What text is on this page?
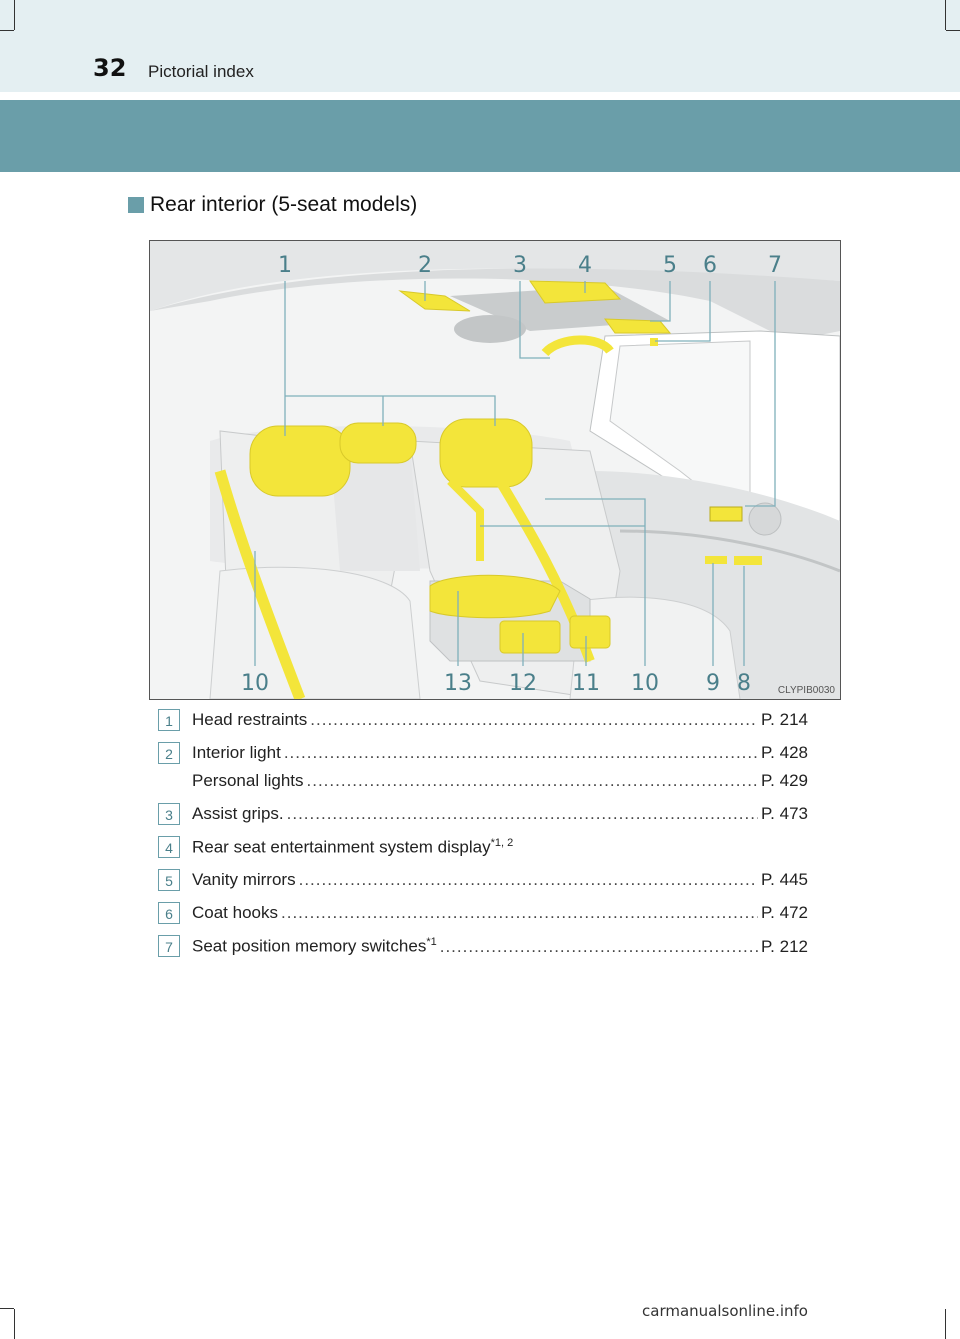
32 Pictorial index
Rear interior (5-seat models)
1	2	3 4	5 6 7
10	13 12 11 10 9 8	CLYPIB0030
1	Head restraints .....	P. 214
2	Interior light .....	P. 428
Personal lights .....	P. 429
3	Assist grips. .....	P. 473
4	Rear seat entertainment system display$^{*1, 2}$
5	Vanity mirrors .....	P. 445
6	Coat hooks .....	P. 472
7	Seat position memory switches$^{*1}$ .....	P. 212
carmanualsonline.info
